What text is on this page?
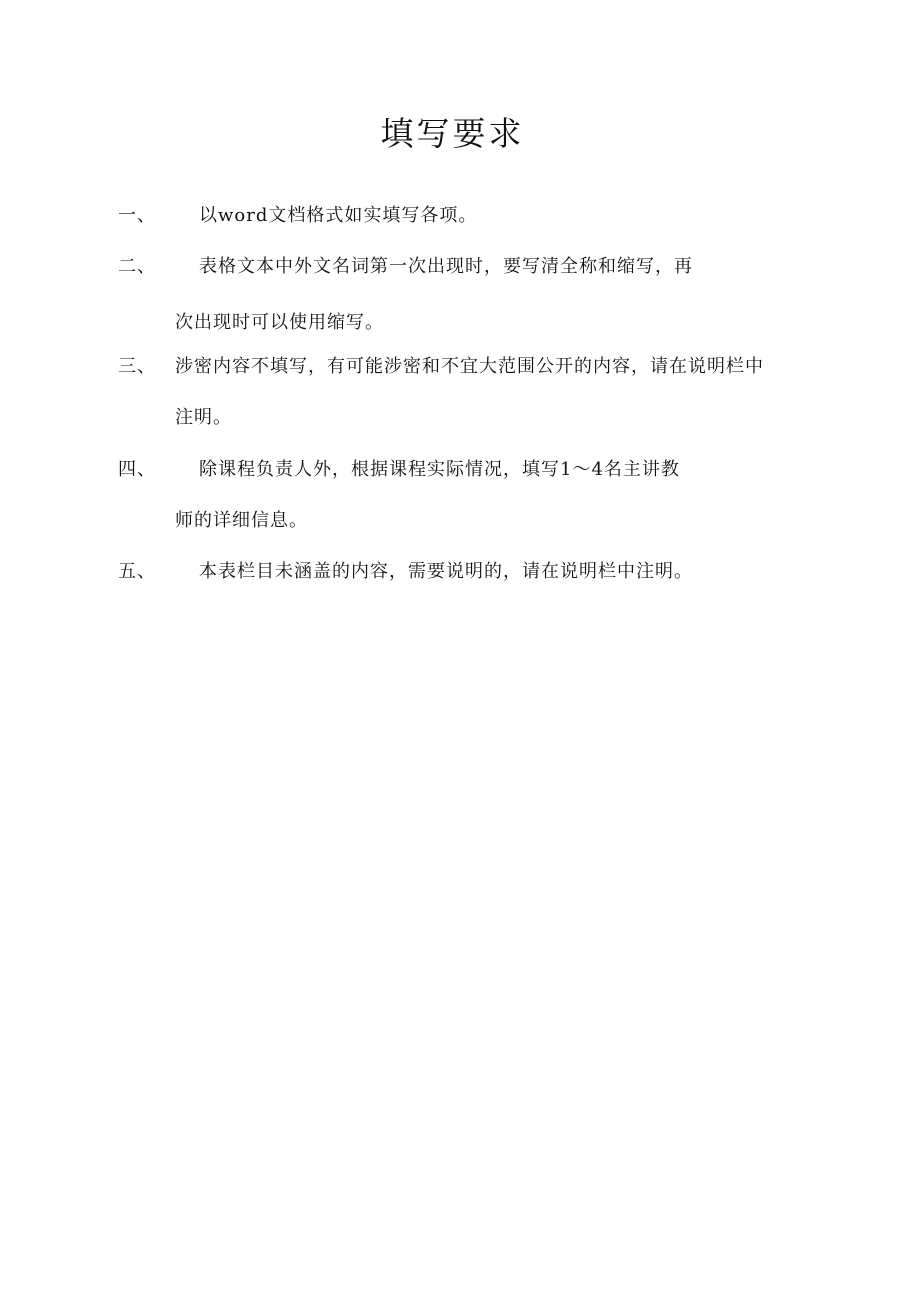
填写要求
一、 以word文档格式如实填写各项。
二、 表格文本中外文名词第一次出现时，要写清全称和缩写，再
次出现时可以使用缩写。
三、 涉密内容不填写，有可能涉密和不宜大范围公开的内容，请在说明栏中
注明。
四、 除课程负责人外，根据课程实际情况，填写1～4名主讲教
师的详细信息。
五、 本表栏目未涵盖的内容，需要说明的，请在说明栏中注明。
